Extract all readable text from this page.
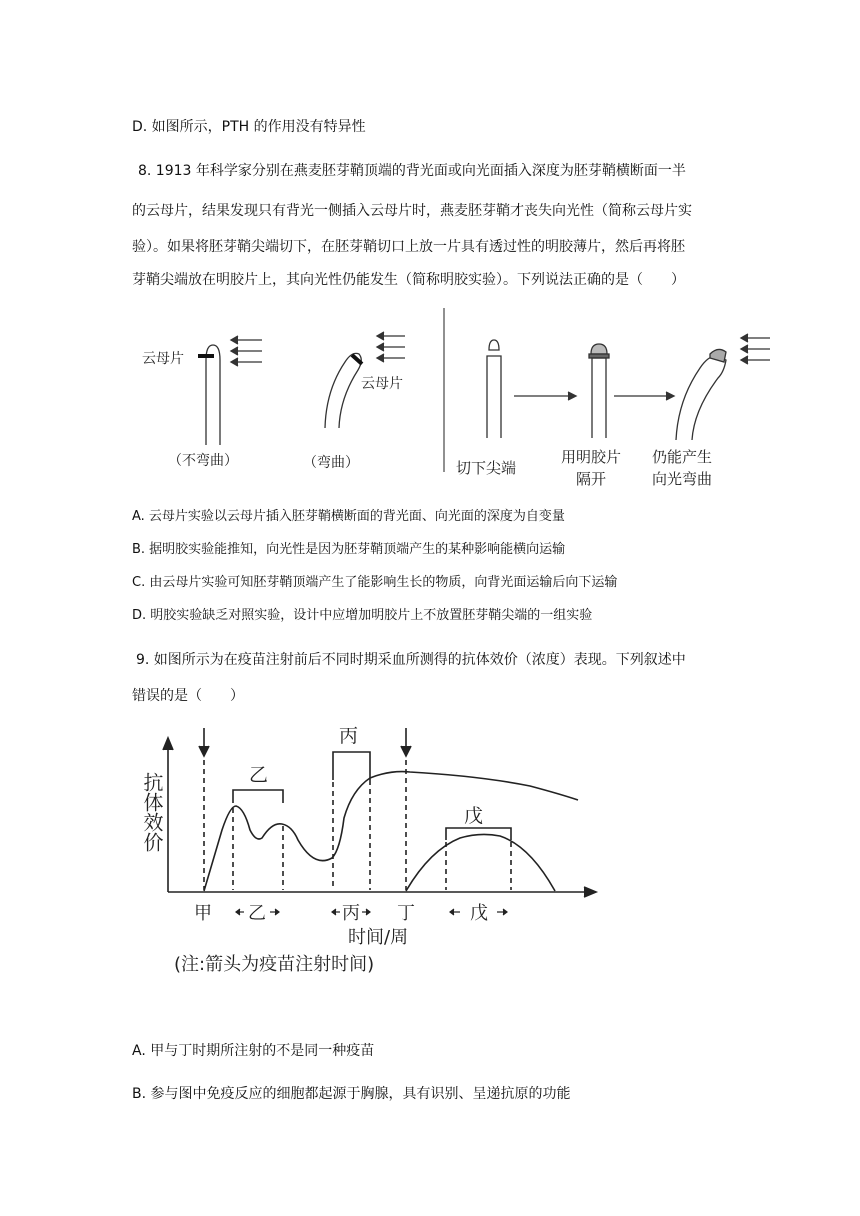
D. 如图所示，PTH 的作用没有特异性
8. 1913 年科学家分别在燕麦胚芽鞘顶端的背光面或向光面插入深度为胚芽鞘横断面一半
的云母片，结果发现只有背光一侧插入云母片时，燕麦胚芽鞘才丧失向光性（简称云母片实
验）。如果将胚芽鞘尖端切下，在胚芽鞘切口上放一片具有透过性的明胶薄片，然后再将胚
芽鞘尖端放在明胶片上，其向光性仍能发生（简称明胶实验）。下列说法正确的是（　　）
云母片
云母片
（不弯曲）	（弯曲）	切下尖端
用明胶片
隔开
仍能产生
向光弯曲
A. 云母片实验以云母片插入胚芽鞘横断面的背光面、向光面的深度为自变量
B. 据明胶实验能推知，向光性是因为胚芽鞘顶端产生的某种影响能横向运输
C. 由云母片实验可知胚芽鞘顶端产生了能影响生长的物质，向背光面运输后向下运输
D. 明胶实验缺乏对照实验，设计中应增加明胶片上不放置胚芽鞘尖端的一组实验
9. 如图所示为在疫苗注射前后不同时期采血所测得的抗体效价（浓度）表现。下列叙述中
错误的是（　　）
抗体效价
甲
乙
乙
丙
丙 丁
戊
戊
时间/周
(注:箭头为疫苗注射时间)
A. 甲与丁时期所注射的不是同一种疫苗
B. 参与图中免疫反应的细胞都起源于胸腺，具有识别、呈递抗原的功能
